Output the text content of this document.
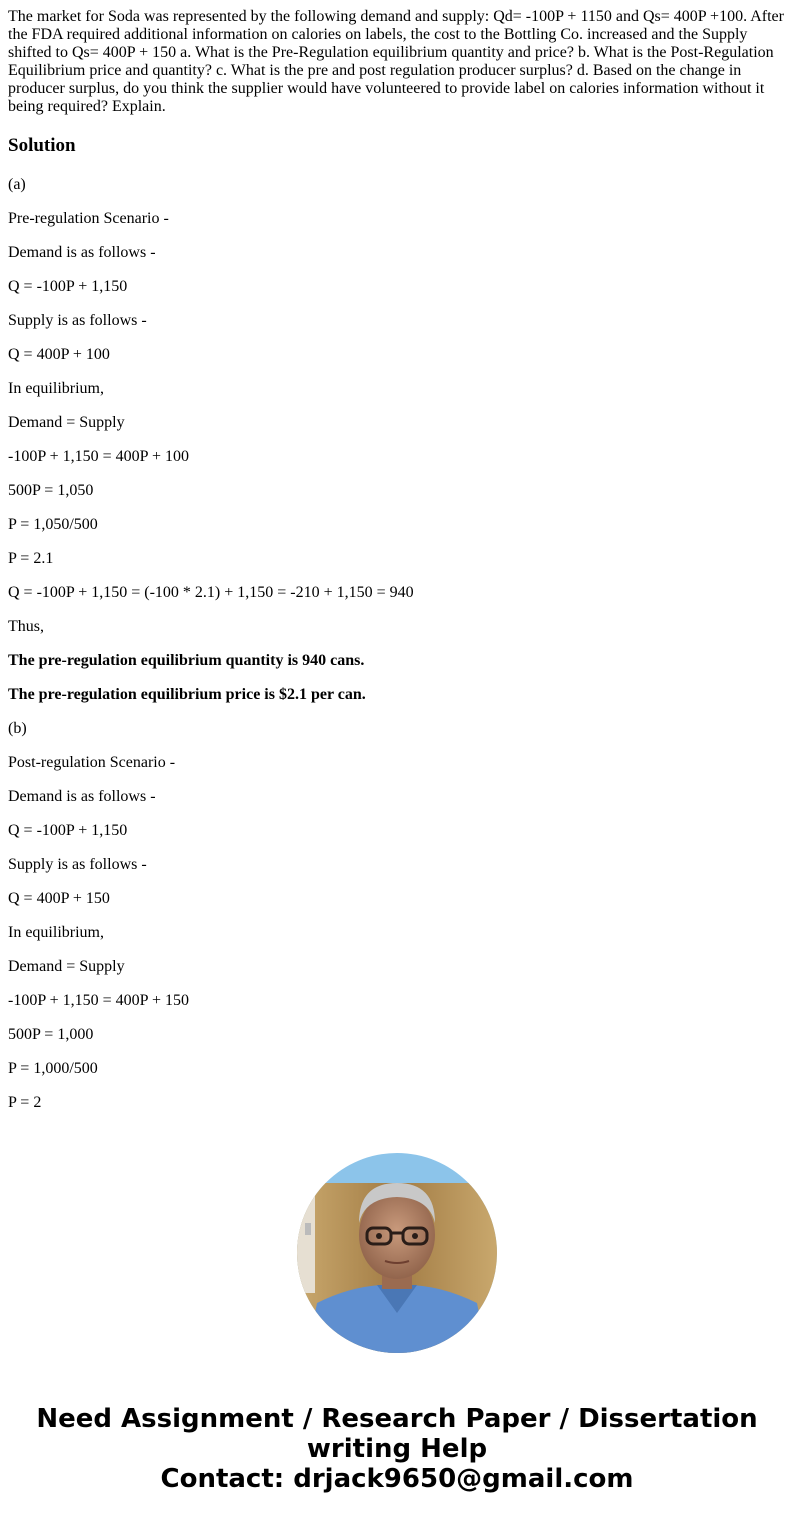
The market for Soda was represented by the following demand and supply: Qd= -100P + 1150 and Qs= 400P +100. After the FDA required additional information on calories on labels, the cost to the Bottling Co. increased and the Supply shifted to Qs= 400P + 150 a. What is the Pre-Regulation equilibrium quantity and price? b. What is the Post-Regulation Equilibrium price and quantity? c. What is the pre and post regulation producer surplus? d. Based on the change in producer surplus, do you think the supplier would have volunteered to provide label on calories information without it being required? Explain.
Solution

(a)

Pre-regulation Scenario -

Demand is as follows -

Q = -100P + 1,150

Supply is as follows -

Q = 400P + 100

In equilibrium,

Demand = Supply

-100P + 1,150 = 400P + 100

500P = 1,050

P = 1,050/500

P = 2.1

Q = -100P + 1,150 = (-100 * 2.1) + 1,150 = -210 + 1,150 = 940

Thus,

The pre-regulation equilibrium quantity is 940 cans.

The pre-regulation equilibrium price is $2.1 per can.

(b)

Post-regulation Scenario -

Demand is as follows -

Q = -100P + 1,150

Supply is as follows -

Q = 400P + 150

In equilibrium,

Demand = Supply

-100P + 1,150 = 400P + 150

500P = 1,000

P = 1,000/500

P = 2

Need Assignment / Research Paper / Dissertation
writing Help
Contact: drjack9650@gmail.com
